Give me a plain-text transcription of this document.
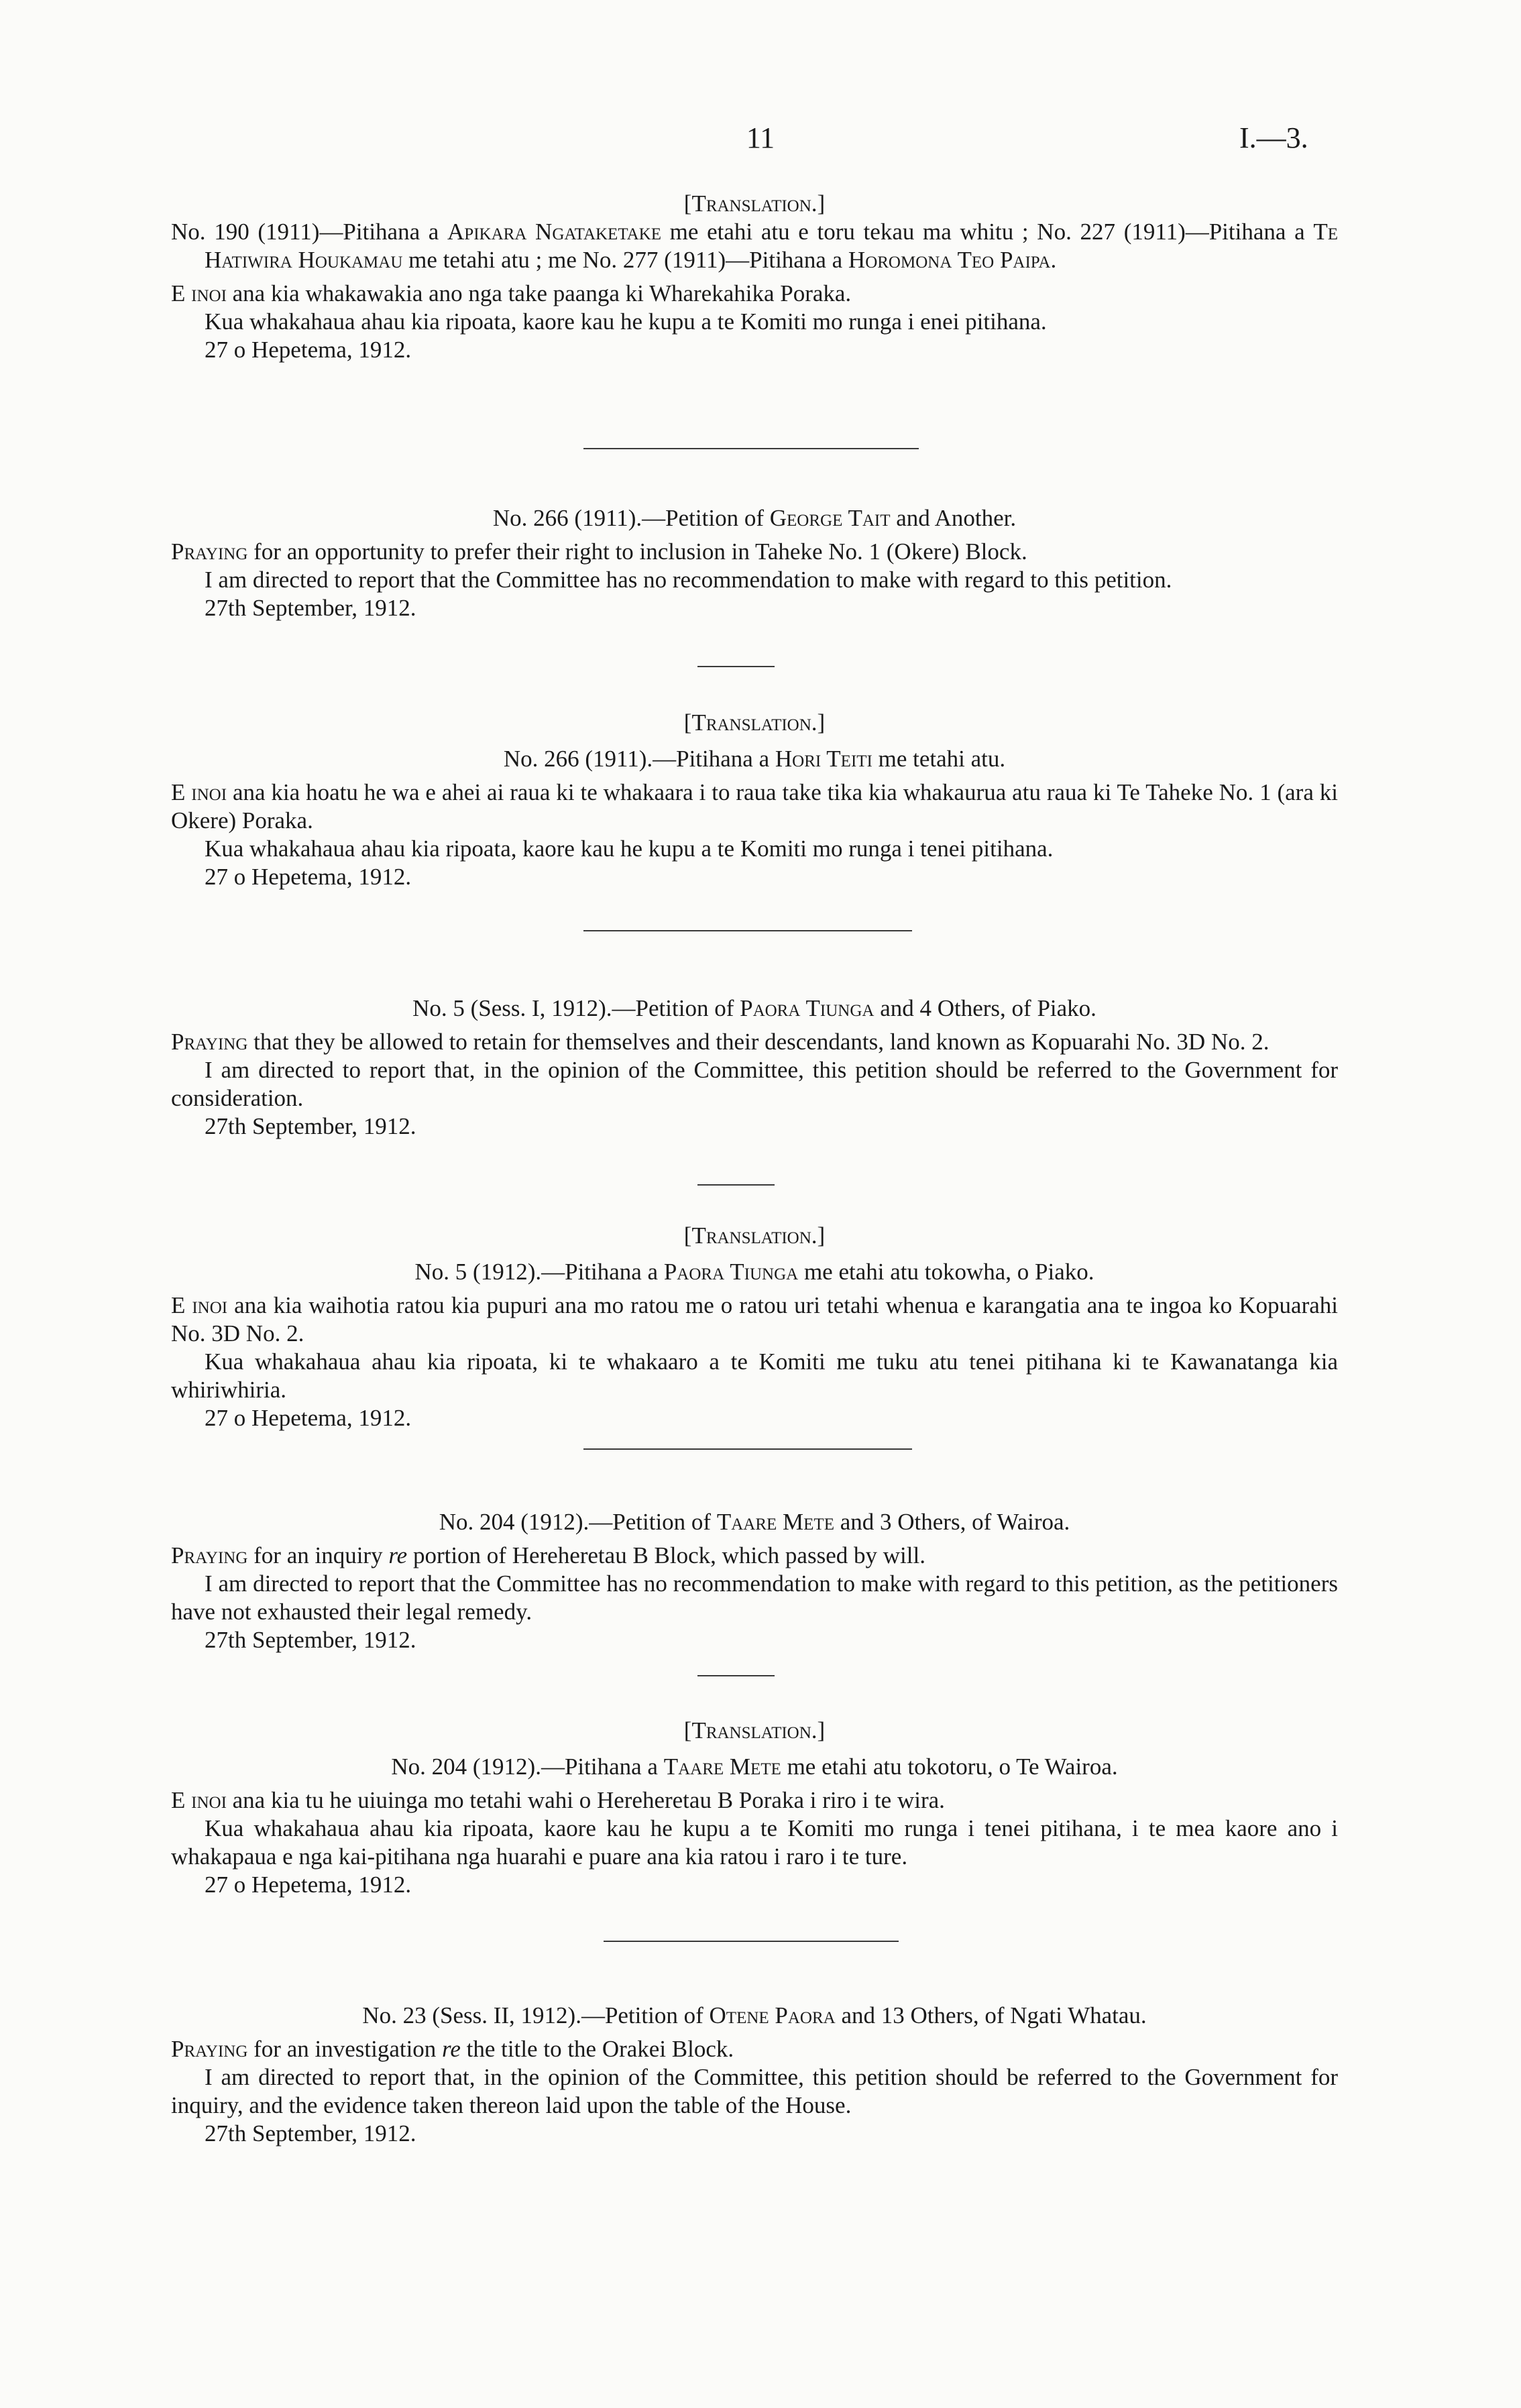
11	I.—3.

[Translation.]

No. 190 (1911)—Pitihana a Apikara Ngataketake me etahi atu e toru tekau ma whitu ; No. 227 (1911)—Pitihana a Te Hatiwira Houkamau me tetahi atu ; me No. 277 (1911)—Pitihana a Horomona Teo Paipa.

E inoi ana kia whakawakia ano nga take paanga ki Wharekahika Poraka.

Kua whakahaua ahau kia ripoata, kaore kau he kupu a te Komiti mo runga i enei pitihana.

27 o Hepetema, 1912.

No. 266 (1911).—Petition of George Tait and Another.

Praying for an opportunity to prefer their right to inclusion in Taheke No. 1 (Okere) Block.

I am directed to report that the Committee has no recommendation to make with regard to this petition.

27th September, 1912.

[Translation.]

No. 266 (1911).—Pitihana a Hori Teiti me tetahi atu.

E inoi ana kia hoatu he wa e ahei ai raua ki te whakaara i to raua take tika kia whakaurua atu raua ki Te Taheke No. 1 (ara ki Okere) Poraka.

Kua whakahaua ahau kia ripoata, kaore kau he kupu a te Komiti mo runga i tenei pitihana.

27 o Hepetema, 1912.

No. 5 (Sess. I, 1912).—Petition of Paora Tiunga and 4 Others, of Piako.

Praying that they be allowed to retain for themselves and their descendants, land known as Kopuarahi No. 3D No. 2.

I am directed to report that, in the opinion of the Committee, this petition should be referred to the Government for consideration.

27th September, 1912.

[Translation.]

No. 5 (1912).—Pitihana a Paora Tiunga me etahi atu tokowha, o Piako.

E inoi ana kia waihotia ratou kia pupuri ana mo ratou me o ratou uri tetahi whenua e karangatia ana te ingoa ko Kopuarahi No. 3D No. 2.

Kua whakahaua ahau kia ripoata, ki te whakaaro a te Komiti me tuku atu tenei pitihana ki te Kawanatanga kia whiriwhiria.

27 o Hepetema, 1912.

No. 204 (1912).—Petition of Taare Mete and 3 Others, of Wairoa.

Praying for an inquiry re portion of Hereheretau B Block, which passed by will.

I am directed to report that the Committee has no recommendation to make with regard to this petition, as the petitioners have not exhausted their legal remedy.

27th September, 1912.

[Translation.]

No. 204 (1912).—Pitihana a Taare Mete me etahi atu tokotoru, o Te Wairoa.

E inoi ana kia tu he uiuinga mo tetahi wahi o Hereheretau B Poraka i riro i te wira.

Kua whakahaua ahau kia ripoata, kaore kau he kupu a te Komiti mo runga i tenei pitihana, i te mea kaore ano i whakapaua e nga kai-pitihana nga huarahi e puare ana kia ratou i raro i te ture.

27 o Hepetema, 1912.

No. 23 (Sess. II, 1912).—Petition of Otene Paora and 13 Others, of Ngati Whatau.

Praying for an investigation re the title to the Orakei Block.

I am directed to report that, in the opinion of the Committee, this petition should be referred to the Government for inquiry, and the evidence taken thereon laid upon the table of the House.

27th September, 1912.
